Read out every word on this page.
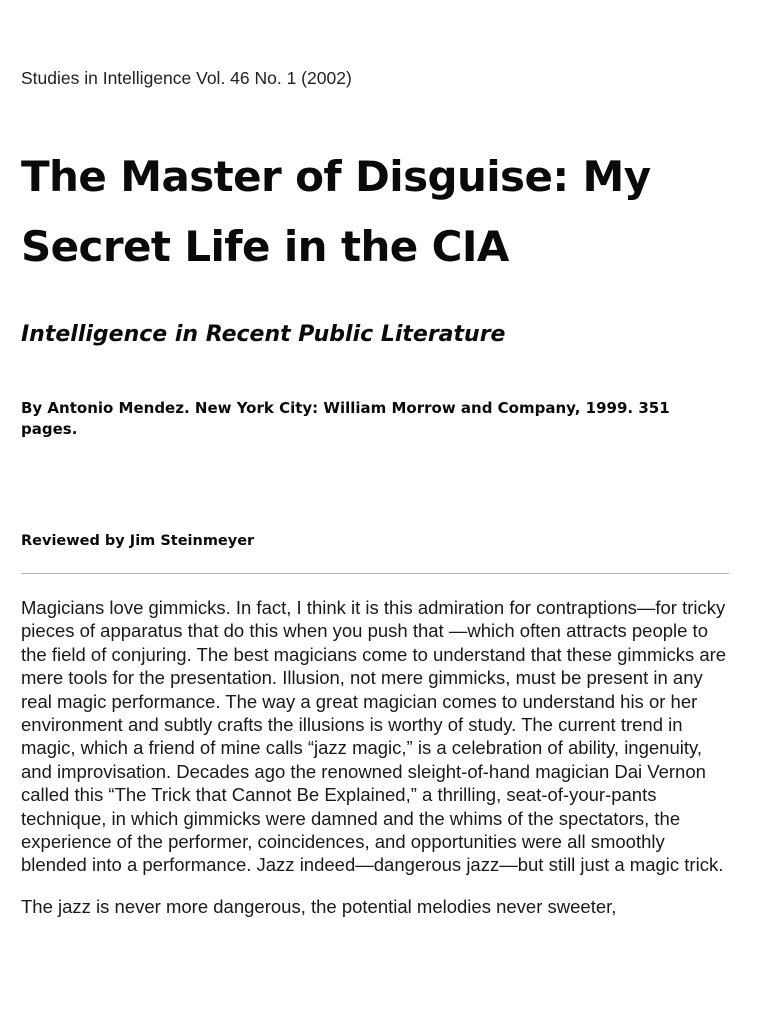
Studies in Intelligence Vol. 46 No. 1 (2002)
The Master of Disguise: My Secret Life in the CIA
Intelligence in Recent Public Literature

By Antonio Mendez. New York City: William Morrow and Company, 1999. 351 pages.

Reviewed by Jim Steinmeyer

Magicians love gimmicks. In fact, I think it is this admiration for contraptions—for tricky pieces of apparatus that do this when you push that —which often attracts people to the field of conjuring. The best magicians come to understand that these gimmicks are mere tools for the presentation. Illusion, not mere gimmicks, must be present in any real magic performance. The way a great magician comes to understand his or her environment and subtly crafts the illusions is worthy of study. The current trend in magic, which a friend of mine calls “jazz magic,” is a celebration of ability, ingenuity, and improvisation. Decades ago the renowned sleight-of-hand magician Dai Vernon called this “The Trick that Cannot Be Explained,” a thrilling, seat-of-your-pants technique, in which gimmicks were damned and the whims of the spectators, the experience of the performer, coincidences, and opportunities were all smoothly blended into a performance. Jazz indeed—dangerous jazz—but still just a magic trick.

The jazz is never more dangerous, the potential melodies never sweeter,
